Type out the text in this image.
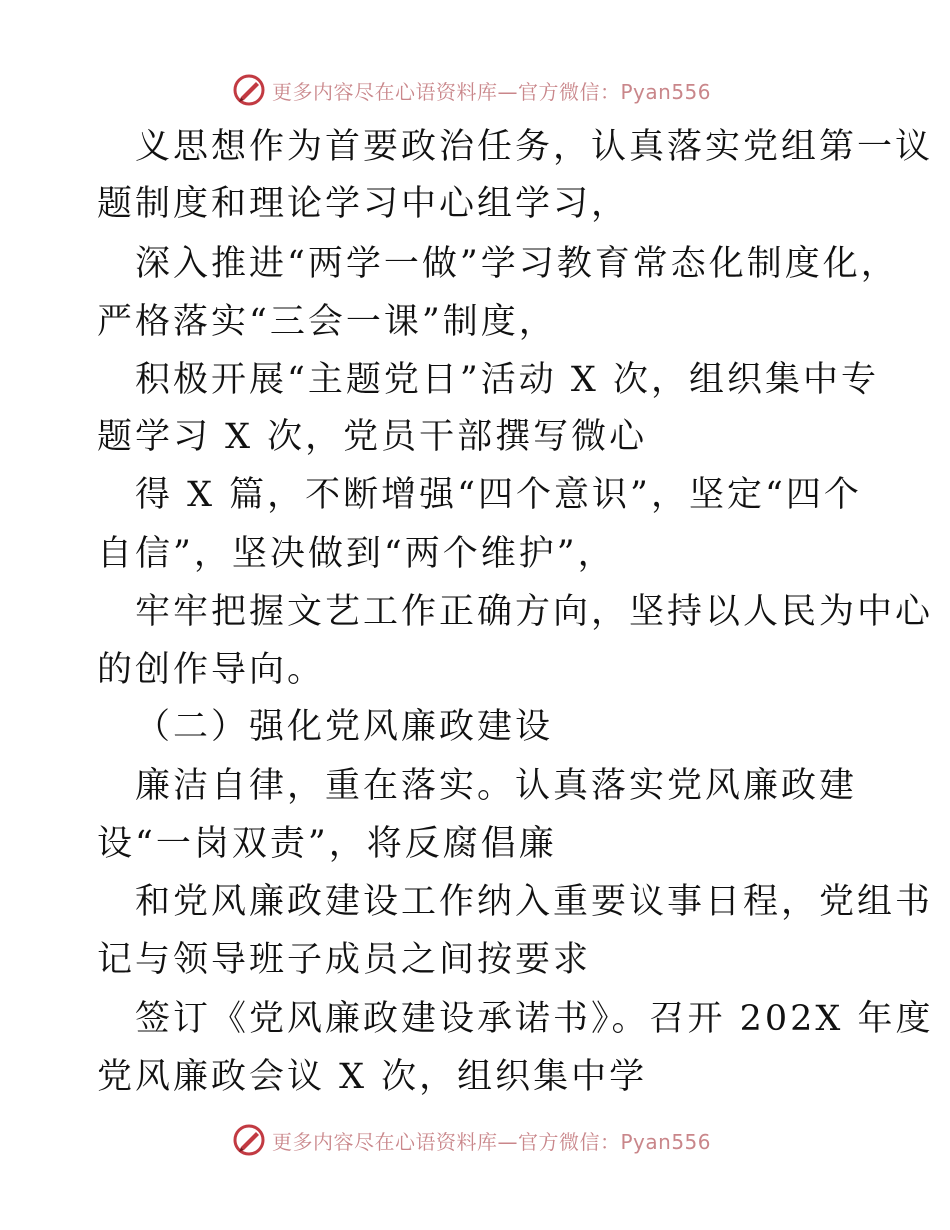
更多内容尽在心语资料库—官方微信：Pyan556
义思想作为首要政治任务，认真落实党组第一议
题制度和理论学习中心组学习，
深入推进“两学一做”学习教育常态化制度化，
严格落实“三会一课”制度，
积极开展“主题党日”活动 X 次，组织集中专
题学习 X 次，党员干部撰写微心
得 X 篇，不断增强“四个意识”，坚定“四个
自信”，坚决做到“两个维护”，
牢牢把握文艺工作正确方向，坚持以人民为中心
的创作导向。
（二）强化党风廉政建设
廉洁自律，重在落实。认真落实党风廉政建
设“一岗双责”，将反腐倡廉
和党风廉政建设工作纳入重要议事日程，党组书
记与领导班子成员之间按要求
签订《党风廉政建设承诺书》。召开 202X 年度
党风廉政会议 X 次，组织集中学
更多内容尽在心语资料库—官方微信：Pyan556
